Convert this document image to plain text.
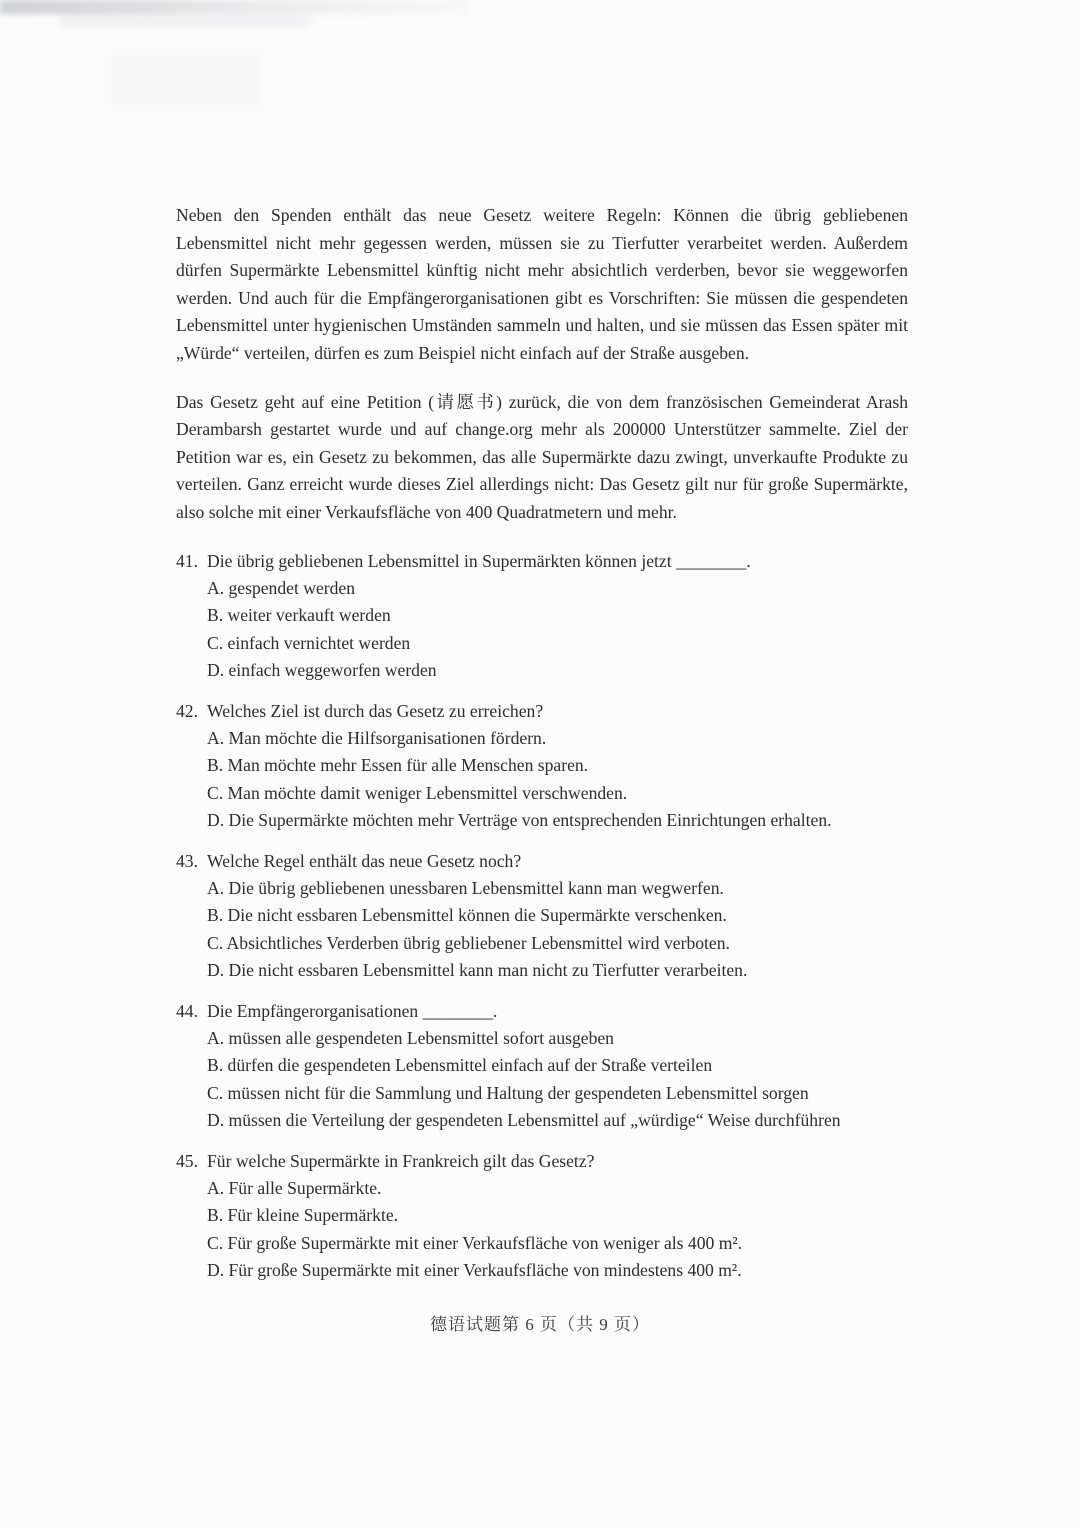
Neben den Spenden enthält das neue Gesetz weitere Regeln: Können die übrig gebliebenen Lebensmittel nicht mehr gegessen werden, müssen sie zu Tierfutter verarbeitet werden. Außerdem dürfen Supermärkte Lebensmittel künftig nicht mehr absichtlich verderben, bevor sie weggeworfen werden. Und auch für die Empfängerorganisationen gibt es Vorschriften: Sie müssen die gespendeten Lebensmittel unter hygienischen Umständen sammeln und halten, und sie müssen das Essen später mit „Würde“ verteilen, dürfen es zum Beispiel nicht einfach auf der Straße ausgeben.

Das Gesetz geht auf eine Petition (请愿书) zurück, die von dem französischen Gemeinderat Arash Derambarsh gestartet wurde und auf change.org mehr als 200000 Unterstützer sammelte. Ziel der Petition war es, ein Gesetz zu bekommen, das alle Supermärkte dazu zwingt, unverkaufte Produkte zu verteilen. Ganz erreicht wurde dieses Ziel allerdings nicht: Das Gesetz gilt nur für große Supermärkte, also solche mit einer Verkaufsfläche von 400 Quadratmetern und mehr.

41. Die übrig gebliebenen Lebensmittel in Supermärkten können jetzt ________.
A. gespendet werden
B. weiter verkauft werden
C. einfach vernichtet werden
D. einfach weggeworfen werden
42. Welches Ziel ist durch das Gesetz zu erreichen?
A. Man möchte die Hilfsorganisationen fördern.
B. Man möchte mehr Essen für alle Menschen sparen.
C. Man möchte damit weniger Lebensmittel verschwenden.
D. Die Supermärkte möchten mehr Verträge von entsprechenden Einrichtungen erhalten.
43. Welche Regel enthält das neue Gesetz noch?
A. Die übrig gebliebenen unessbaren Lebensmittel kann man wegwerfen.
B. Die nicht essbaren Lebensmittel können die Supermärkte verschenken.
C. Absichtliches Verderben übrig gebliebener Lebensmittel wird verboten.
D. Die nicht essbaren Lebensmittel kann man nicht zu Tierfutter verarbeiten.
44. Die Empfängerorganisationen ________.
A. müssen alle gespendeten Lebensmittel sofort ausgeben
B. dürfen die gespendeten Lebensmittel einfach auf der Straße verteilen
C. müssen nicht für die Sammlung und Haltung der gespendeten Lebensmittel sorgen
D. müssen die Verteilung der gespendeten Lebensmittel auf „würdige“ Weise durchführen
45. Für welche Supermärkte in Frankreich gilt das Gesetz?
A. Für alle Supermärkte.
B. Für kleine Supermärkte.
C. Für große Supermärkte mit einer Verkaufsfläche von weniger als 400 m².
D. Für große Supermärkte mit einer Verkaufsfläche von mindestens 400 m².
德语试题第 6 页（共 9 页）
